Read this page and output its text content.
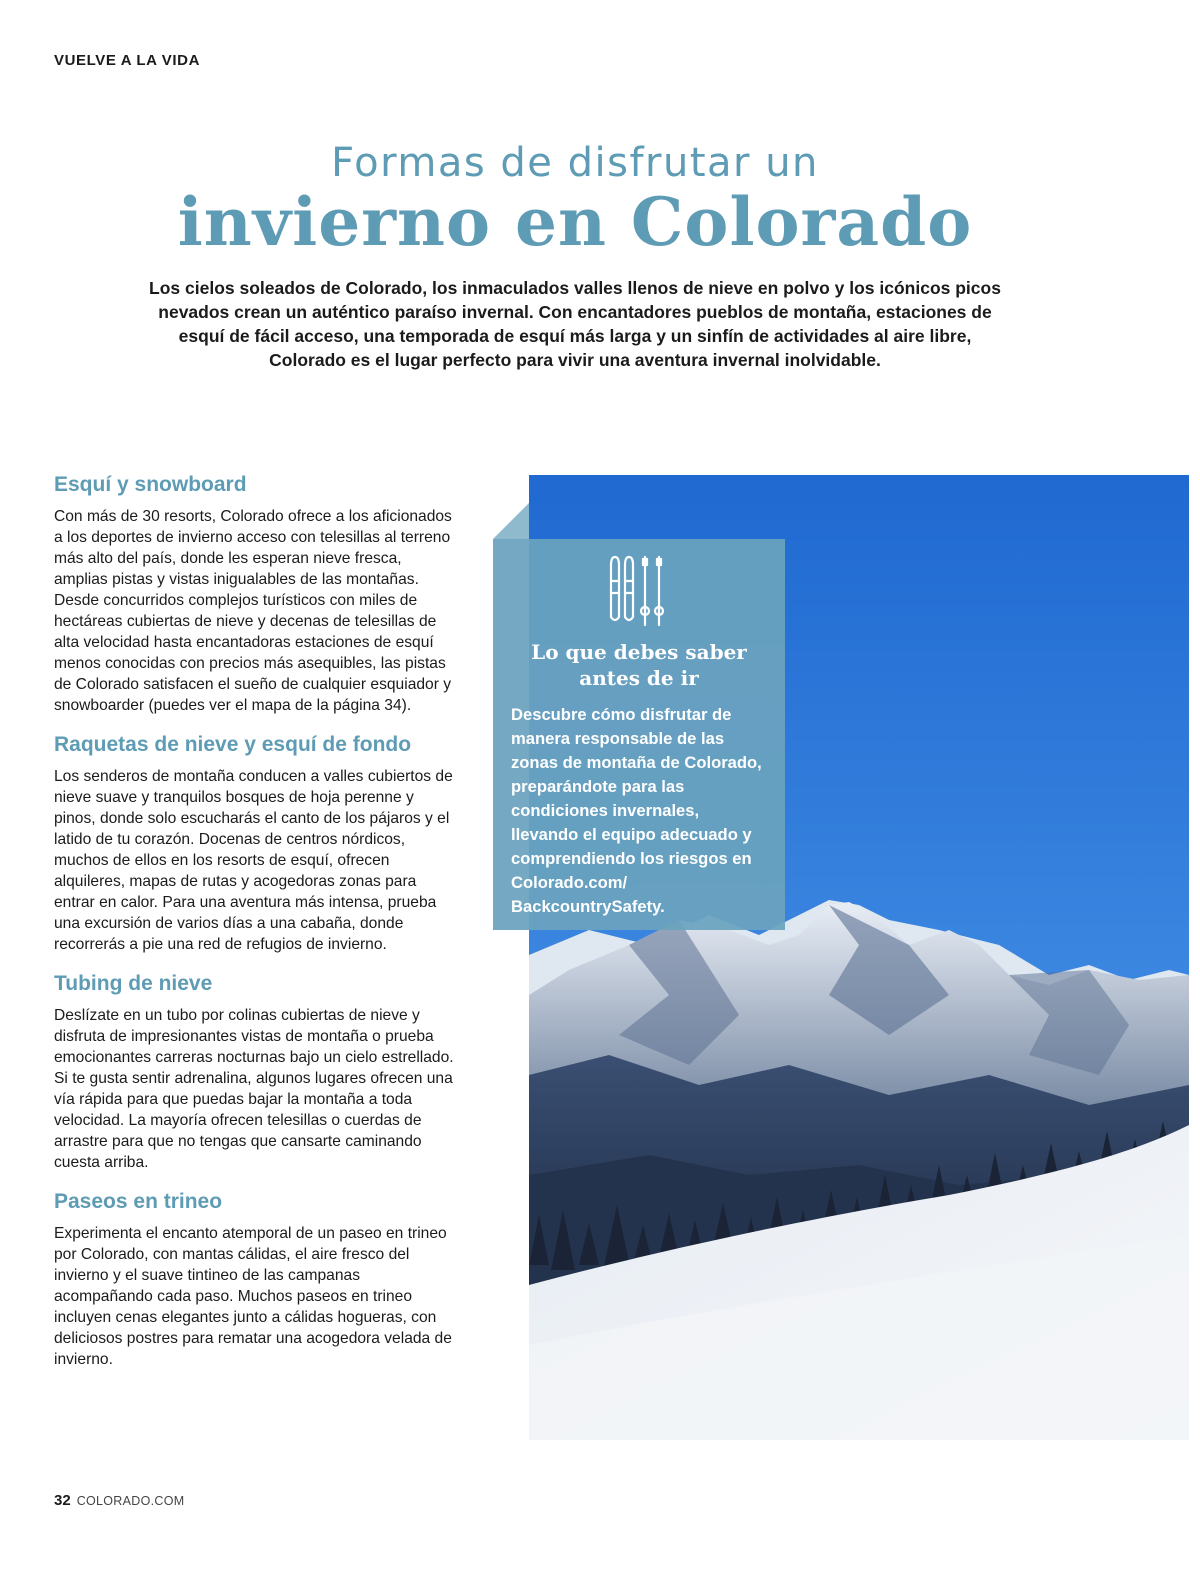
VUELVE A LA VIDA
Formas de disfrutar un
invierno en Colorado

Los cielos soleados de Colorado, los inmaculados valles llenos de nieve en polvo y los icónicos picos nevados crean un auténtico paraíso invernal. Con encantadores pueblos de montaña, estaciones de esquí de fácil acceso, una temporada de esquí más larga y un sinfín de actividades al aire libre, Colorado es el lugar perfecto para vivir una aventura invernal inolvidable.

Esquí y snowboard

Con más de 30 resorts, Colorado ofrece a los aficionados a los deportes de invierno acceso con telesillas al terreno más alto del país, donde les esperan nieve fresca, amplias pistas y vistas inigualables de las montañas. Desde concurridos complejos turísticos con miles de hectáreas cubiertas de nieve y decenas de telesillas de alta velocidad hasta encantadoras estaciones de esquí menos conocidas con precios más asequibles, las pistas de Colorado satisfacen el sueño de cualquier esquiador y snowboarder (puedes ver el mapa de la página 34).

Raquetas de nieve y esquí de fondo

Los senderos de montaña conducen a valles cubiertos de nieve suave y tranquilos bosques de hoja perenne y pinos, donde solo escucharás el canto de los pájaros y el latido de tu corazón. Docenas de centros nórdicos, muchos de ellos en los resorts de esquí, ofrecen alquileres, mapas de rutas y acogedoras zonas para entrar en calor. Para una aventura más intensa, prueba una excursión de varios días a una cabaña, donde recorrerás a pie una red de refugios de invierno.

Tubing de nieve

Deslízate en un tubo por colinas cubiertas de nieve y disfruta de impresionantes vistas de montaña o prueba emocionantes carreras nocturnas bajo un cielo estrellado. Si te gusta sentir adrenalina, algunos lugares ofrecen una vía rápida para que puedas bajar la montaña a toda velocidad. La mayoría ofrecen telesillas o cuerdas de arrastre para que no tengas que cansarte caminando cuesta arriba.

Paseos en trineo

Experimenta el encanto atemporal de un paseo en trineo por Colorado, con mantas cálidas, el aire fresco del invierno y el suave tintineo de las campanas acompañando cada paso. Muchos paseos en trineo incluyen cenas elegantes junto a cálidas hogueras, con deliciosos postres para rematar una acogedora velada de invierno.

Lo que debes saber
antes de ir
Descubre cómo disfrutar de manera responsable de las zonas de montaña de Colorado, preparándote para las condiciones invernales, llevando el equipo adecuado y comprendiendo los riesgos en Colorado.com/ BackcountrySafety.
32 COLORADO.COM
